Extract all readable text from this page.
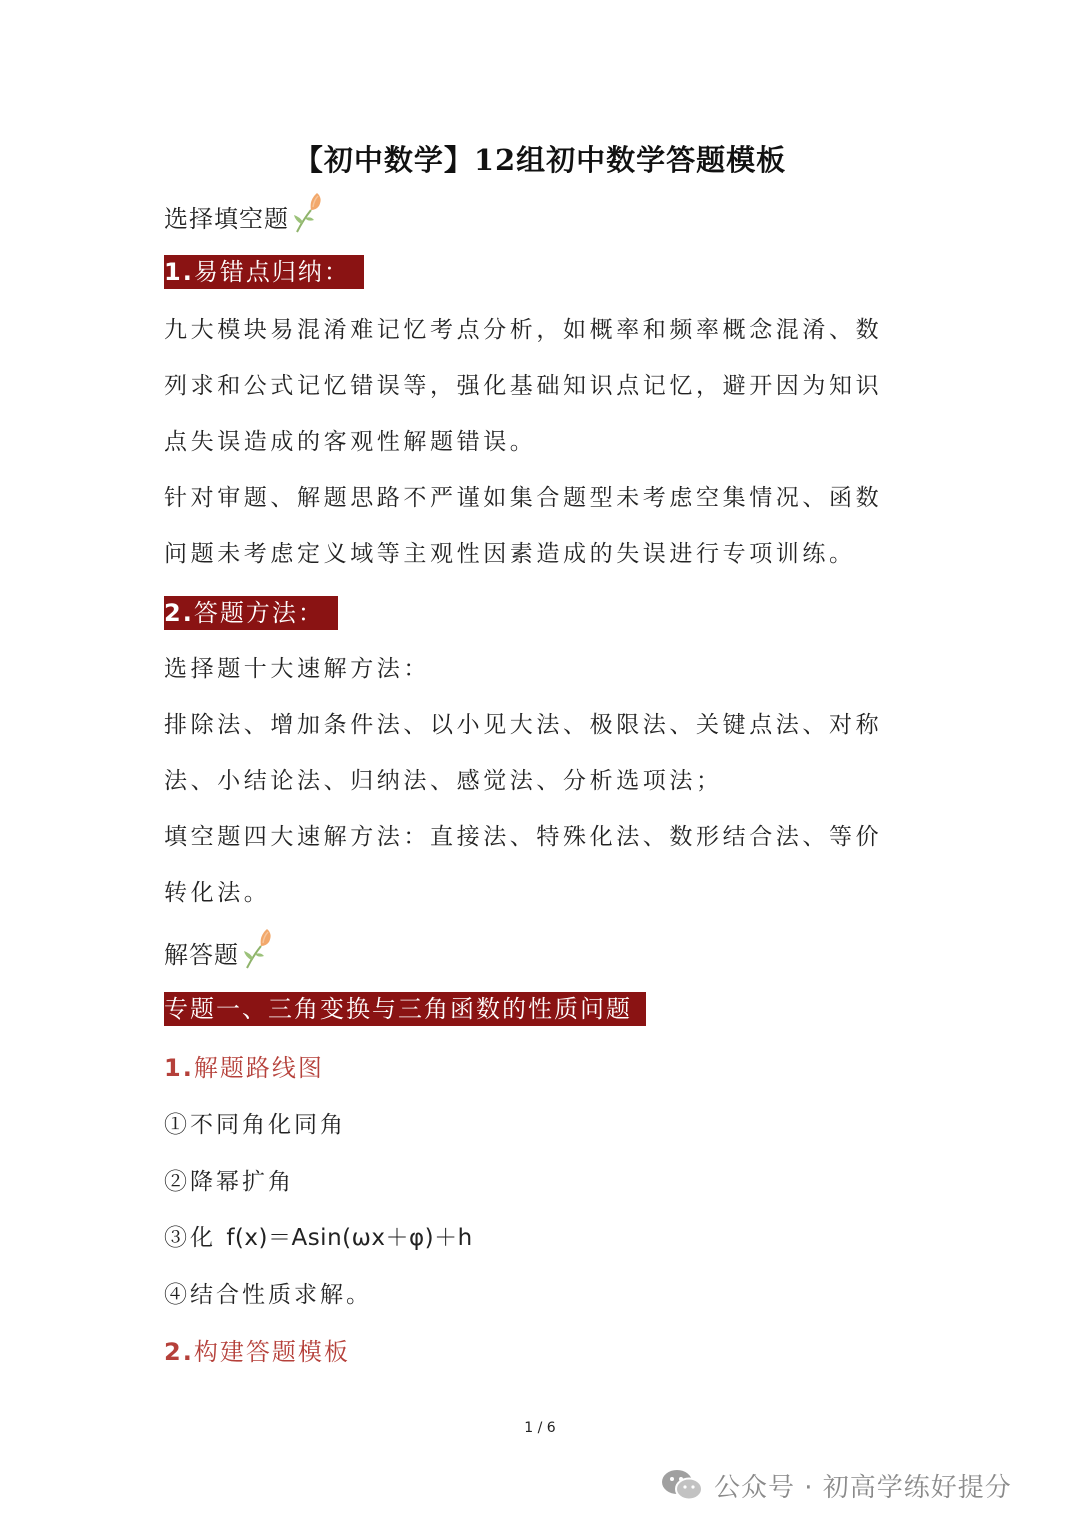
【初中数学】12组初中数学答题模板
选择填空题
1.易错点归纳：

九大模块易混淆难记忆考点分析，如概率和频率概念混淆、数

列求和公式记忆错误等，强化基础知识点记忆，避开因为知识

点失误造成的客观性解题错误。

针对审题、解题思路不严谨如集合题型未考虑空集情况、函数

问题未考虑定义域等主观性因素造成的失误进行专项训练。

2.答题方法：

选择题十大速解方法：

排除法、增加条件法、以小见大法、极限法、关键点法、对称

法、小结论法、归纳法、感觉法、分析选项法；

填空题四大速解方法：直接法、特殊化法、数形结合法、等价

转化法。

解答题
专题一、三角变换与三角函数的性质问题
1.解题路线图
①不同角化同角
②降幂扩角
③化 f(x)＝Asin(ωx＋φ)＋h
④结合性质求解。
2.构建答题模板
1 / 6
公众号 · 初高学练好提分
